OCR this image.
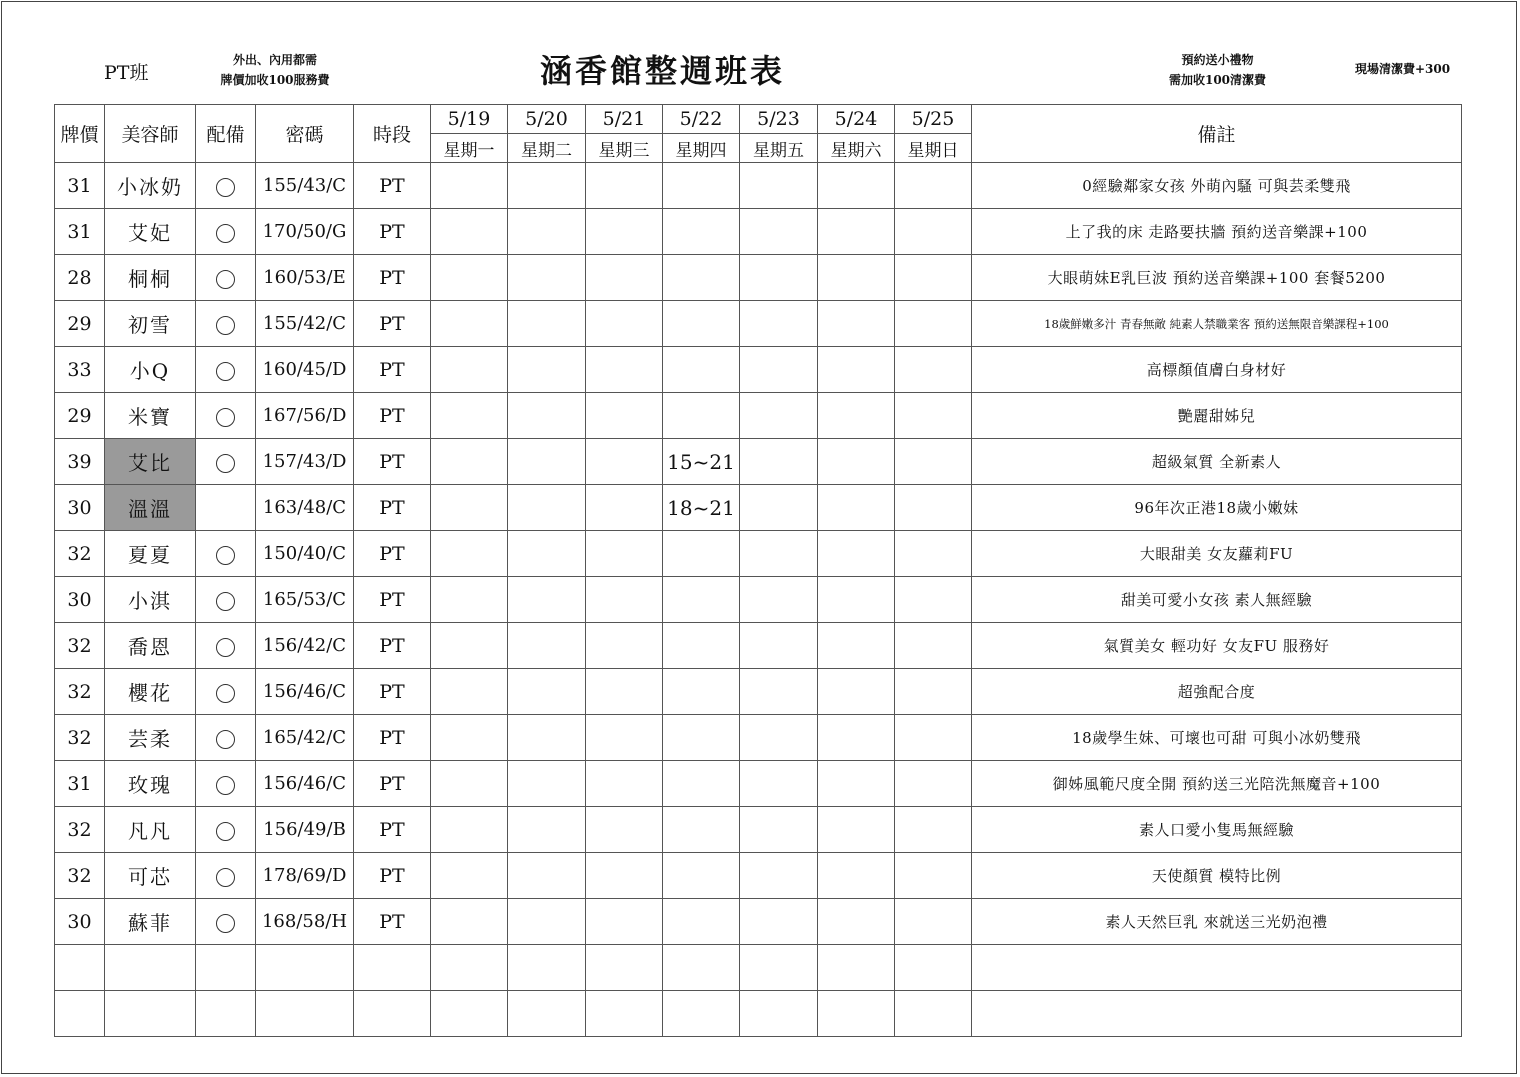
PT班
外出、內用都需
牌價加收100服務費	涵香館整週班表	預約送小禮物
需加收100清潔費
現場清潔費+300
牌價	美容師	配備	密碼	時段	5/19	5/20	5/21	5/22	5/23	5/24	5/25	備註
					星期一	星期二	星期三	星期四	星期五	星期六	星期日	
31	小冰奶		155/43/C	PT								0經驗鄰家女孩 外萌內騷 可與芸柔雙飛
31	艾妃		170/50/G	PT								上了我的床 走路要扶牆 預約送音樂課+100
28	桐桐		160/53/E	PT								大眼萌妹E乳巨波 預約送音樂課+100 套餐5200
29	初雪		155/42/C	PT								18歲鮮嫩多汁 青春無敵 純素人禁職業客 預約送無限音樂課程+100
33	小Q		160/45/D	PT								高標顏值膚白身材好
29	米寶		167/56/D	PT								艷麗甜姊兒
39	艾比		157/43/D	PT				15~21				超級氣質 全新素人
30	溫溫		163/48/C	PT				18~21				96年次正港18歲小嫩妹
32	夏夏		150/40/C	PT								大眼甜美 女友蘿莉FU
30	小淇		165/53/C	PT								甜美可愛小女孩 素人無經驗
32	喬恩		156/42/C	PT								氣質美女 輕功好 女友FU 服務好
32	櫻花		156/46/C	PT								超強配合度
32	芸柔		165/42/C	PT								18歲學生妹、可壞也可甜 可與小冰奶雙飛
31	玫瑰		156/46/C	PT								御姊風範尺度全開 預約送三光陪洗無魔音+100
32	凡凡		156/49/B	PT								素人口愛小隻馬無經驗
32	可芯		178/69/D	PT								天使顏質 模特比例
30	蘇菲		168/58/H	PT								素人天然巨乳 來就送三光奶泡禮
